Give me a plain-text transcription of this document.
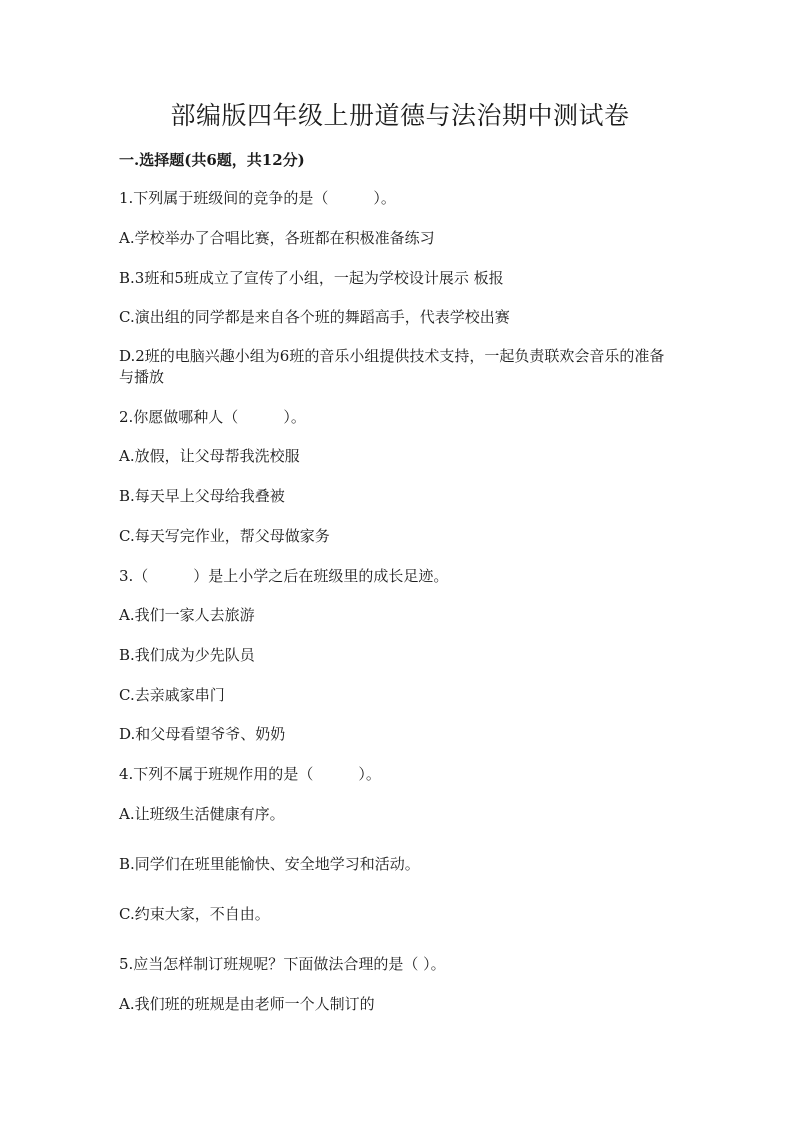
部编版四年级上册道德与法治期中测试卷
一.选择题(共6题，共12分)

1.下列属于班级间的竞争的是（　　　）。

A.学校举办了合唱比赛，各班都在积极准备练习

B.3班和5班成立了宣传了小组，一起为学校设计展示 板报

C.演出组的同学都是来自各个班的舞蹈高手，代表学校出赛

D.2班的电脑兴趣小组为6班的音乐小组提供技术支持，一起负责联欢会音乐的准备与播放

2.你愿做哪种人（　　　）。

A.放假，让父母帮我洗校服

B.每天早上父母给我叠被

C.每天写完作业，帮父母做家务

3.（　　　）是上小学之后在班级里的成长足迹。

A.我们一家人去旅游

B.我们成为少先队员

C.去亲戚家串门

D.和父母看望爷爷、奶奶

4.下列不属于班规作用的是（　　　）。

A.让班级生活健康有序。

B.同学们在班里能愉快、安全地学习和活动。

C.约束大家，不自由。

5.应当怎样制订班规呢？下面做法合理的是（ ）。

A.我们班的班规是由老师一个人制订的
